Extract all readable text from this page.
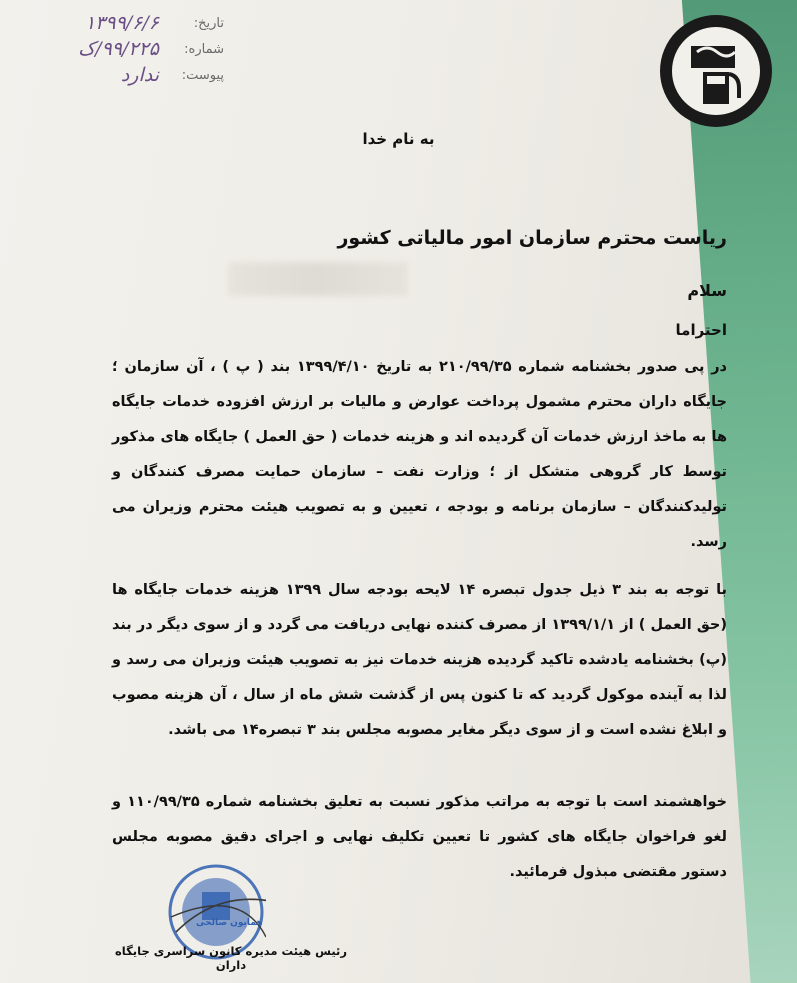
تاریخ:
۱۳۹۹/۶/۶
شماره:
۹۹/۲۲۵/ک
پیوست:
ندارد
به نام خدا
ریاست محترم سازمان امور مالیاتی کشور
سلام
احتراما
در پی صدور بخشنامه شماره ۲۱۰/۹۹/۳۵ به تاریخ ۱۳۹۹/۴/۱۰ بند ( پ ) ، آن سازمان ؛ جایگاه داران محترم مشمول پرداخت عوارض و مالیات بر ارزش افزوده خدمات جایگاه ها به ماخذ ارزش خدمات آن گردیده اند و هزینه خدمات ( حق العمل ) جایگاه های مذکور توسط کار گروهی متشکل از ؛ وزارت نفت – سازمان حمایت مصرف کنندگان و تولیدکنندگان – سازمان برنامه و بودجه ، تعیین و به تصویب هیئت محترم وزیران می رسد.
با توجه به بند ۳ ذیل جدول تبصره ۱۴ لایحه بودجه سال ۱۳۹۹ هزینه خدمات جایگاه ها (حق العمل ) از ۱۳۹۹/۱/۱ از مصرف کننده نهایی دریافت می گردد و از سوی دیگر در بند (پ) بخشنامه یادشده تاکید گردیده هزینه خدمات نیز به تصویب هیئت وزیران می رسد و لذا به آینده موکول گردید که تا کنون پس از گذشت شش ماه از سال ، آن هزینه مصوب و ابلاغ نشده است و از سوی دیگر مغایر مصوبه مجلس بند ۳ تبصره۱۴ می باشد.
خواهشمند است با توجه به مراتب مذکور نسبت به تعلیق بخشنامه شماره ۱۱۰/۹۹/۳۵ و لغو فراخوان جایگاه های کشور تا تعیین تکلیف نهایی و اجرای دقیق مصوبه مجلس دستور مقتضی مبذول فرمائید.
همایون صالحی
رئیس هیئت مدیره کانون سراسری جایگاه داران
